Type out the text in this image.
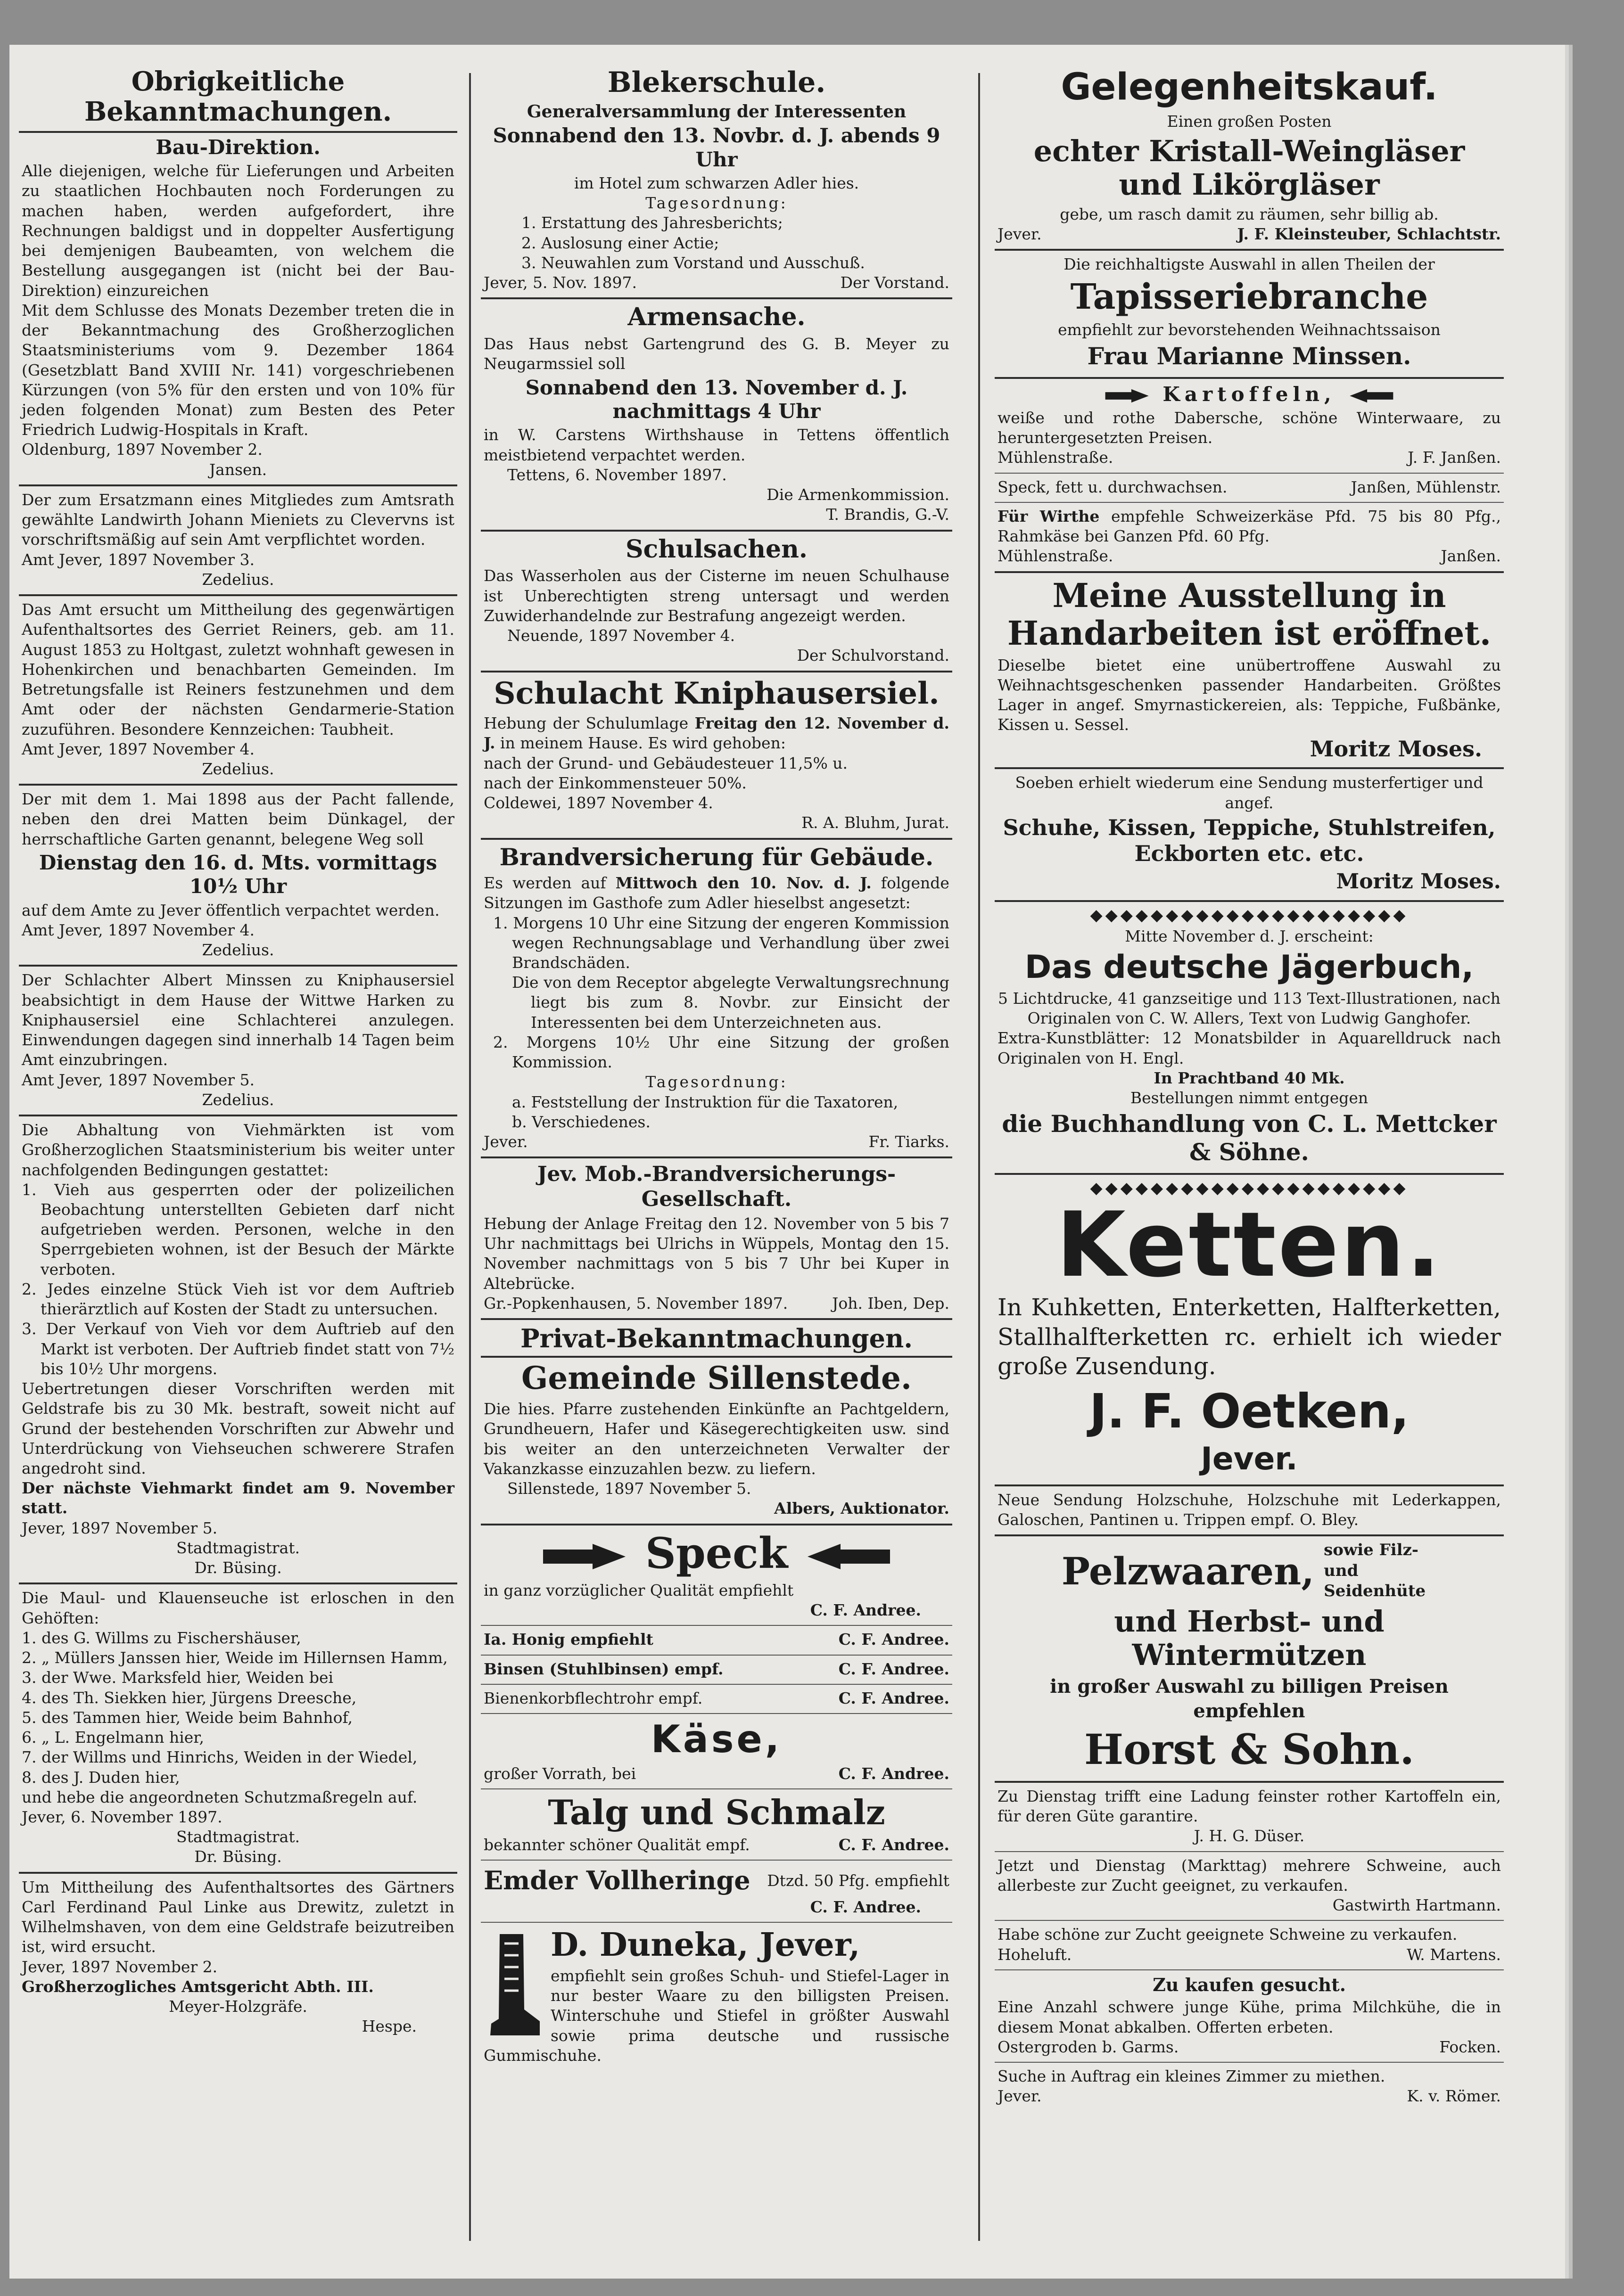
Obrigkeitliche Bekanntmachungen.
Bau-Direktion.

Alle diejenigen, welche für Lieferungen und Arbeiten zu staatlichen Hochbauten noch Forderungen zu machen haben, werden aufgefordert, ihre Rechnungen baldigst und in doppelter Ausfertigung bei demjenigen Baubeamten, von welchem die Bestellung ausgegangen ist (nicht bei der Bau-Direktion) einzureichen

Mit dem Schlusse des Monats Dezember treten die in der Bekanntmachung des Großherzoglichen Staatsministeriums vom 9. Dezember 1864 (Gesetzblatt Band XVIII Nr. 141) vorgeschriebenen Kürzungen (von 5% für den ersten und von 10% für jeden folgenden Monat) zum Besten des Peter Friedrich Ludwig-Hospitals in Kraft.

Oldenburg, 1897 November 2.

Jansen.

Der zum Ersatzmann eines Mitgliedes zum Amtsrath gewählte Landwirth Johann Mieniets zu Clevervns ist vorschriftsmäßig auf sein Amt verpflichtet worden.

Amt Jever, 1897 November 3.

Zedelius.

Das Amt ersucht um Mittheilung des gegenwärtigen Aufenthaltsortes des Gerriet Reiners, geb. am 11. August 1853 zu Holtgast, zuletzt wohnhaft gewesen in Hohenkirchen und benachbarten Gemeinden. Im Betretungsfalle ist Reiners festzunehmen und dem Amt oder der nächsten Gendarmerie-Station zuzuführen. Besondere Kennzeichen: Taubheit.

Amt Jever, 1897 November 4.

Zedelius.

Der mit dem 1. Mai 1898 aus der Pacht fallende, neben den drei Matten beim Dünkagel, der herrschaftliche Garten genannt, belegene Weg soll

Dienstag den 16. d. Mts. vormittags 10½ Uhr

auf dem Amte zu Jever öffentlich verpachtet werden.

Amt Jever, 1897 November 4.

Zedelius.

Der Schlachter Albert Minssen zu Kniphausersiel beabsichtigt in dem Hause der Wittwe Harken zu Kniphausersiel eine Schlachterei anzulegen. Einwendungen dagegen sind innerhalb 14 Tagen beim Amt einzubringen.

Amt Jever, 1897 November 5.

Zedelius.

Die Abhaltung von Viehmärkten ist vom Großherzoglichen Staatsministerium bis weiter unter nachfolgenden Bedingungen gestattet:

1. Vieh aus gesperrten oder der polizeilichen Beobachtung unterstellten Gebieten darf nicht aufgetrieben werden. Personen, welche in den Sperrgebieten wohnen, ist der Besuch der Märkte verboten.

2. Jedes einzelne Stück Vieh ist vor dem Auftrieb thierärztlich auf Kosten der Stadt zu untersuchen.

3. Der Verkauf von Vieh vor dem Auftrieb auf den Markt ist verboten. Der Auftrieb findet statt von 7½ bis 10½ Uhr morgens.

Uebertretungen dieser Vorschriften werden mit Geldstrafe bis zu 30 Mk. bestraft, soweit nicht auf Grund der bestehenden Vorschriften zur Abwehr und Unterdrückung von Viehseuchen schwerere Strafen angedroht sind.

Der nächste Viehmarkt findet am 9. November statt.

Jever, 1897 November 5.

Stadtmagistrat.

Dr. Büsing.

Die Maul- und Klauenseuche ist erloschen in den Gehöften:

1. des G. Willms zu Fischershäuser,

2. „ Müllers Janssen hier, Weide im Hillernsen Hamm,

3. der Wwe. Marksfeld hier, Weiden bei

4. des Th. Siekken hier, Jürgens Dreesche,

5. des Tammen hier, Weide beim Bahnhof,

6. „ L. Engelmann hier,

7. der Willms und Hinrichs, Weiden in der Wiedel,

8. des J. Duden hier,

und hebe die angeordneten Schutzmaßregeln auf.

Jever, 6. November 1897.

Stadtmagistrat.

Dr. Büsing.

Um Mittheilung des Aufenthaltsortes des Gärtners Carl Ferdinand Paul Linke aus Drewitz, zuletzt in Wilhelmshaven, von dem eine Geldstrafe beizutreiben ist, wird ersucht.

Jever, 1897 November 2.

Großherzogliches Amtsgericht Abth. III.

Meyer-Holzgräfe.

Hespe.

Blekerschule.
Generalversammlung der Interessenten
Sonnabend den 13. Novbr. d. J. abends 9 Uhr

im Hotel zum schwarzen Adler hies.

Tagesordnung:

1. Erstattung des Jahresberichts;

2. Auslosung einer Actie;

3. Neuwahlen zum Vorstand und Ausschuß.

Jever, 5. Nov. 1897.	Der Vorstand.
Armensache.

Das Haus nebst Gartengrund des G. B. Meyer zu Neugarmssiel soll

Sonnabend den 13. November d. J. nachmittags 4 Uhr

in W. Carstens Wirthshause in Tettens öffentlich meistbietend verpachtet werden.

Tettens, 6. November 1897.

Die Armenkommission.

T. Brandis, G.-V.

Schulsachen.

Das Wasserholen aus der Cisterne im neuen Schulhause ist Unberechtigten streng untersagt und werden Zuwiderhandelnde zur Bestrafung angezeigt werden.

Neuende, 1897 November 4.

Der Schulvorstand.

Schulacht Kniphausersiel.

Hebung der Schulumlage Freitag den 12. November d. J. in meinem Hause. Es wird gehoben:

nach der Grund- und Gebäudesteuer 11,5% u.

nach der Einkommensteuer 50%.

Coldewei, 1897 November 4.

R. A. Bluhm, Jurat.

Brandversicherung für Gebäude.

Es werden auf Mittwoch den 10. Nov. d. J. folgende Sitzungen im Gasthofe zum Adler hieselbst angesetzt:

1. Morgens 10 Uhr eine Sitzung der engeren Kommission wegen Rechnungsablage und Verhandlung über zwei Brandschäden.

Die von dem Receptor abgelegte Verwaltungsrechnung liegt bis zum 8. Novbr. zur Einsicht der Interessenten bei dem Unterzeichneten aus.

2. Morgens 10½ Uhr eine Sitzung der großen Kommission.

Tagesordnung:

a. Feststellung der Instruktion für die Taxatoren,

b. Verschiedenes.

Jever.	Fr. Tiarks.
Jev. Mob.-Brandversicherungs-Gesellschaft.

Hebung der Anlage Freitag den 12. November von 5 bis 7 Uhr nachmittags bei Ulrichs in Wüppels, Montag den 15. November nachmittags von 5 bis 7 Uhr bei Kuper in Altebrücke.

Gr.-Popkenhausen, 5. November 1897.	Joh. Iben, Dep.
Privat-Bekanntmachungen.
Gemeinde Sillenstede.

Die hies. Pfarre zustehenden Einkünfte an Pachtgeldern, Grundheuern, Hafer und Käsegerechtigkeiten usw. sind bis weiter an den unterzeichneten Verwalter der Vakanzkasse einzuzahlen bezw. zu liefern.

Sillenstede, 1897 November 5.

Albers, Auktionator.

Speck

in ganz vorzüglicher Qualität empfiehlt

C. F. Andree.

Ia. Honig empfiehlt	C. F. Andree.
Binsen (Stuhlbinsen) empf.	C. F. Andree.
Bienenkorbflechtrohr empf.	C. F. Andree.
Käse,
großer Vorrath, bei	C. F. Andree.
Talg und Schmalz
bekannter schöner Qualität empf.	C. F. Andree.
Emder Vollheringe Dtzd. 50 Pfg. empfiehlt

C. F. Andree.

D. Duneka, Jever,

empfiehlt sein großes Schuh- und Stiefel-Lager in nur bester Waare zu den billigsten Preisen. Winterschuhe und Stiefel in größter Auswahl sowie prima deutsche und russische Gummischuhe.

Gelegenheitskauf.

Einen großen Posten

echter Kristall-Weingläser und Likörgläser

gebe, um rasch damit zu räumen, sehr billig ab.

Jever.	J. F. Kleinsteuber, Schlachtstr.

Die reichhaltigste Auswahl in allen Theilen der

Tapisseriebranche

empfiehlt zur bevorstehenden Weihnachtssaison

Frau Marianne Minssen.
Kartoffeln,

weiße und rothe Dabersche, schöne Winterwaare, zu heruntergesetzten Preisen.

Mühlenstraße.	J. F. Janßen.
Speck, fett u. durchwachsen.	Janßen, Mühlenstr.

Für Wirthe empfehle Schweizerkäse Pfd. 75 bis 80 Pfg., Rahmkäse bei Ganzen Pfd. 60 Pfg.

Mühlenstraße.	Janßen.
Meine Ausstellung in Handarbeiten ist eröffnet.

Dieselbe bietet eine unübertroffene Auswahl zu Weihnachtsgeschenken passender Handarbeiten. Größtes Lager in angef. Smyrnastickereien, als: Teppiche, Fußbänke, Kissen u. Sessel.

Moritz Moses.

Soeben erhielt wiederum eine Sendung musterfertiger und angef.

Schuhe, Kissen, Teppiche, Stuhlstreifen, Eckborten etc. etc.

Moritz Moses.

◆◆◆◆◆◆◆◆◆◆◆◆◆◆◆◆◆◆◆◆◆

Mitte November d. J. erscheint:

Das deutsche Jägerbuch,

5 Lichtdrucke, 41 ganzseitige und 113 Text-Illustrationen, nach Originalen von C. W. Allers, Text von Ludwig Ganghofer.

Extra-Kunstblätter: 12 Monatsbilder in Aquarelldruck nach Originalen von H. Engl.

In Prachtband 40 Mk.

Bestellungen nimmt entgegen

die Buchhandlung von C. L. Mettcker & Söhne.
◆◆◆◆◆◆◆◆◆◆◆◆◆◆◆◆◆◆◆◆◆
Ketten.

In Kuhketten, Enterketten, Halfterketten, Stallhalfterketten rc. erhielt ich wieder große Zusendung.

J. F. Oetken,
Jever.

Neue Sendung Holzschuhe, Holzschuhe mit Lederkappen, Galoschen, Pantinen u. Trippen empf. O. Bley.

Pelzwaaren, sowie Filz- und Seidenhüte
und Herbst- und Wintermützen

in großer Auswahl zu billigen Preisen empfehlen

Horst & Sohn.

Zu Dienstag trifft eine Ladung feinster rother Kartoffeln ein, für deren Güte garantire.

J. H. G. Düser.

Jetzt und Dienstag (Markttag) mehrere Schweine, auch allerbeste zur Zucht geeignet, zu verkaufen.

Gastwirth Hartmann.

Habe schöne zur Zucht geeignete Schweine zu verkaufen.

Hoheluft.	W. Martens.
Zu kaufen gesucht.

Eine Anzahl schwere junge Kühe, prima Milchkühe, die in diesem Monat abkalben. Offerten erbeten.

Ostergroden b. Garms.	Focken.

Suche in Auftrag ein kleines Zimmer zu miethen.

Jever.	K. v. Römer.
